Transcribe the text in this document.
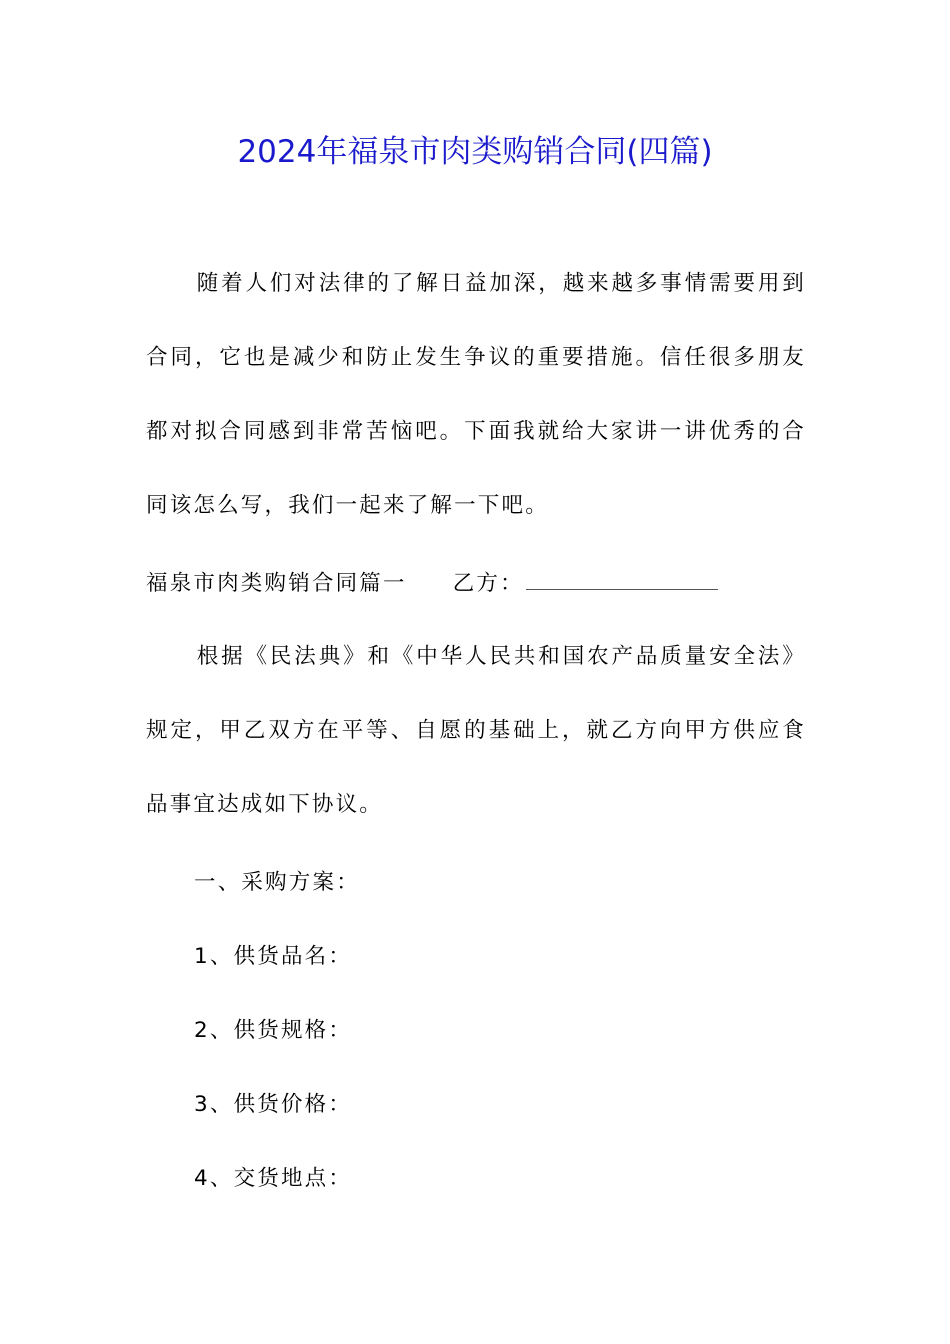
2024年福泉市肉类购销合同(四篇)

随着人们对法律的了解日益加深，越来越多事情需要用到合同，它也是减少和防止发生争议的重要措施。信任很多朋友都对拟合同感到非常苦恼吧。下面我就给大家讲一讲优秀的合同该怎么写，我们一起来了解一下吧。

福泉市肉类购销合同篇一 乙方：

根据《民法典》和《中华人民共和国农产品质量安全法》规定，甲乙双方在平等、自愿的基础上，就乙方向甲方供应食品事宜达成如下协议。

一、采购方案：
1、供货品名：
2、供货规格：
3、供货价格：
4、交货地点：
